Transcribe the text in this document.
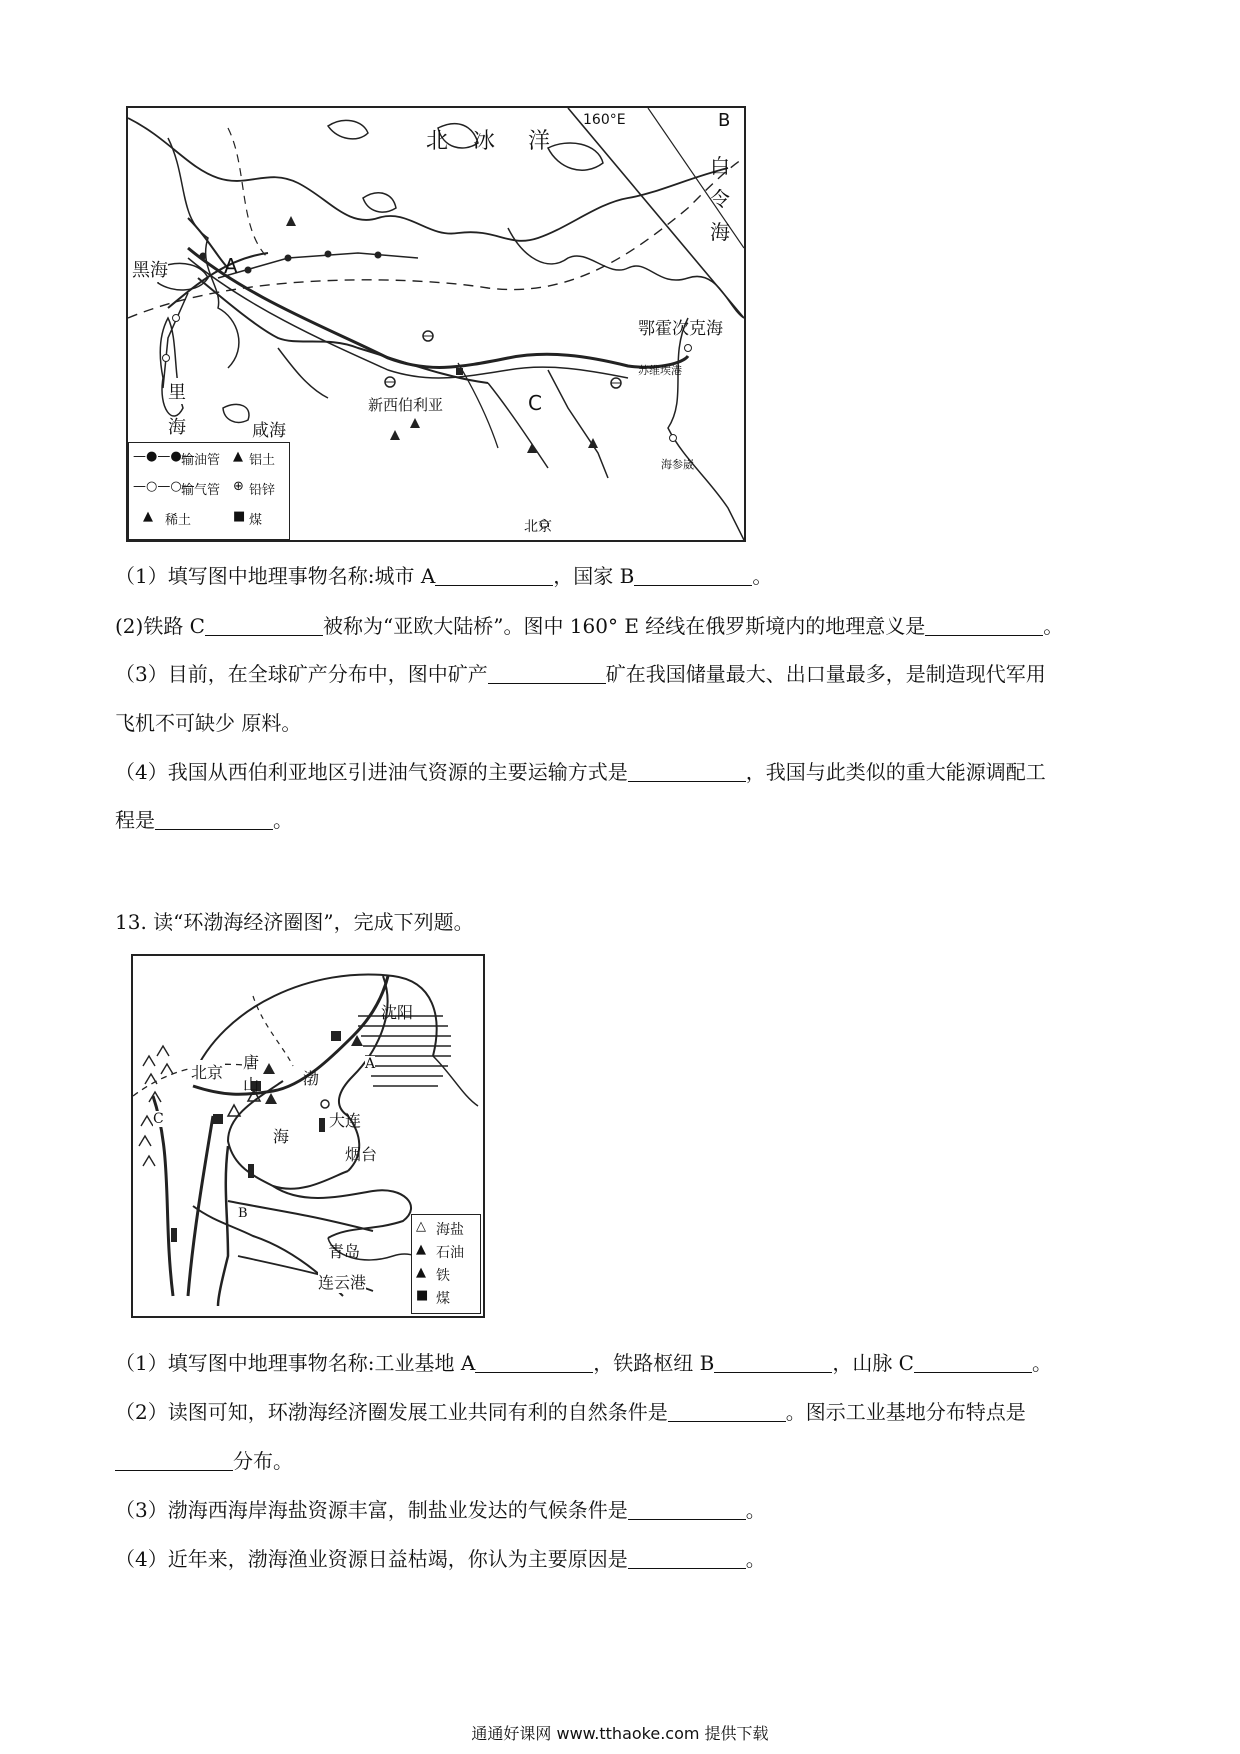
北 冰 洋
160°E	B
白
令
海
鄂霍次克海
黑海	A
里
海	咸海
新西伯利亚	C
苏维埃港
海参崴
北京
—●—●—
输油管 ▲ 铝土
—○—○—
输气管 ⊕ 铅锌
▲ 稀土	■ 煤
（1）填写图中地理事物名称:城市 A	，国家 B	。
(2)铁路 C	被称为“亚欧大陆桥”。图中 160° E 经线在俄罗斯境内的地理意义是	。
（3）目前，在全球矿产分布中，图中矿产	矿在我国储量最大、出口量最多，是制造现代军用
飞机不可缺少 原料。
（4）我国从西伯利亚地区引进油气资源的主要运输方式是	，我国与此类似的重大能源调配工
程是	。
13. 读“环渤海经济圈图”，完成下列题。
沈阳
北京
唐
山	渤
海
A
大连
烟台
C
B
青岛
连云港
△ 海盐
▲ 石油
▲ 铁
■ 煤
（1）填写图中地理事物名称:工业基地 A	，铁路枢纽 B	，山脉 C	。
（2）读图可知，环渤海经济圈发展工业共同有利的自然条件是	。图示工业基地分布特点是
分布。
（3）渤海西海岸海盐资源丰富，制盐业发达的气候条件是	。
（4）近年来，渤海渔业资源日益枯竭，你认为主要原因是	。
通通好课网 www.tthaoke.com 提供下载
